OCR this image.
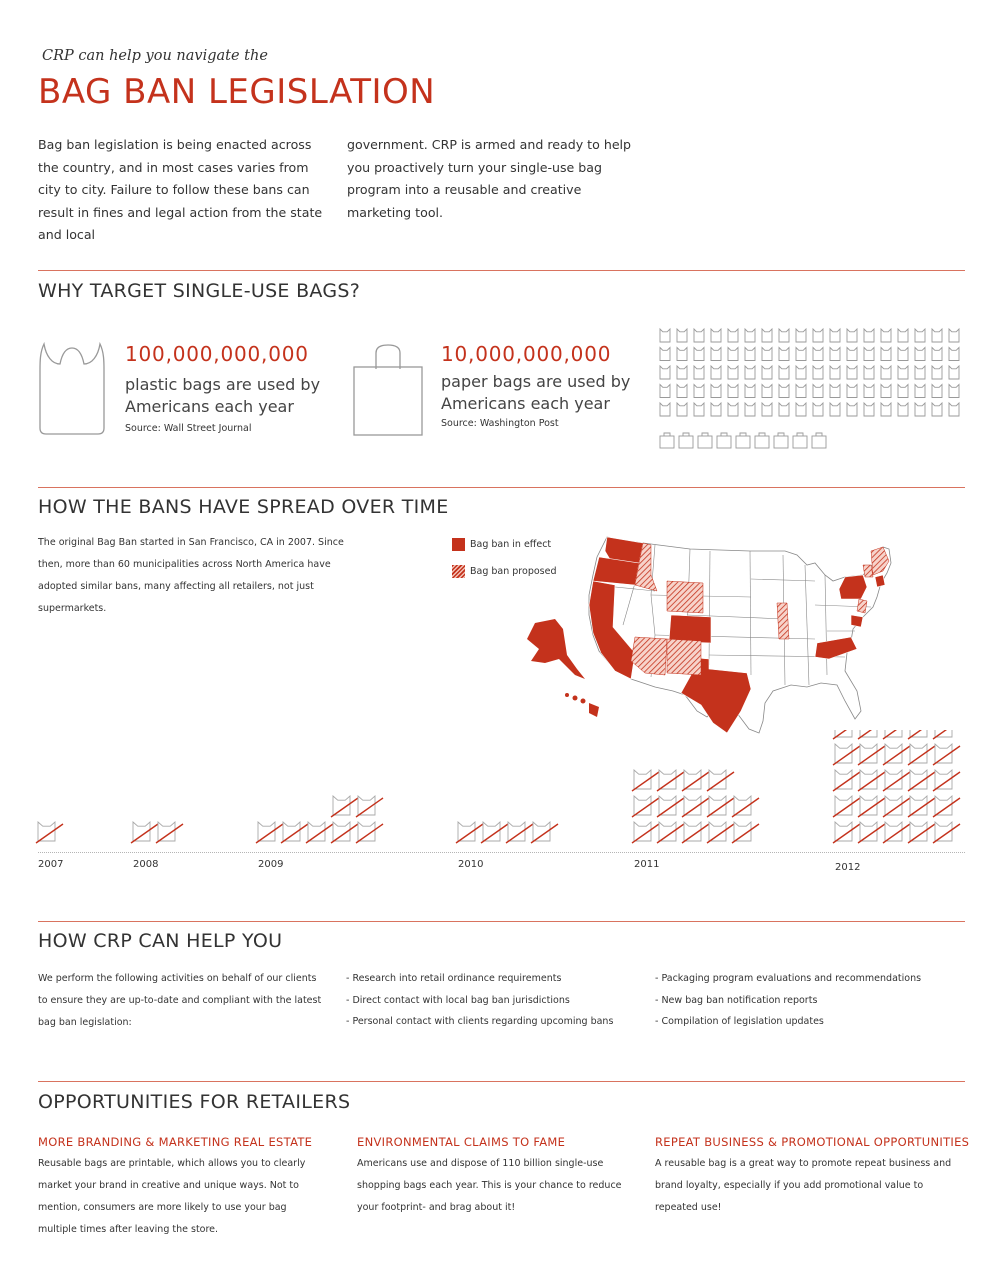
CRP can help you navigate the
BAG BAN LEGISLATION
Bag ban legislation is being enacted across the country, and in most cases varies from city to city. Failure to follow these bans can result in fines and legal action from the state and local
government. CRP is armed and ready to help you proactively turn your single-use bag program into a reusable and creative marketing tool.
WHY TARGET SINGLE-USE BAGS?
100,000,000,000
plastic bags are used by Americans each year
Source: Wall Street Journal
10,000,000,000
paper bags are used by Americans each year
Source: Washington Post
HOW THE BANS HAVE SPREAD OVER TIME
The original Bag Ban started in San Francisco, CA in 2007. Since then, more than 60 municipalities across North America have adopted similar bans, many affecting all retailers, not just supermarkets.
Bag ban in effect
Bag ban proposed
2007	2008	2009	2010	2011	2012
HOW CRP CAN HELP YOU
We perform the following activities on behalf of our clients to ensure they are up-to-date and compliant with the latest bag ban legislation:

- Research into retail ordinance requirements

- Direct contact with local bag ban jurisdictions

- Personal contact with clients regarding upcoming bans

- Packaging program evaluations and recommendations

- New bag ban notification reports

- Compilation of legislation updates

OPPORTUNITIES FOR RETAILERS
MORE BRANDING & MARKETING REAL ESTATE
Reusable bags are printable, which allows you to clearly market your brand in creative and unique ways. Not to mention, consumers are more likely to use your bag multiple times after leaving the store.
ENVIRONMENTAL CLAIMS TO FAME
Americans use and dispose of 110 billion single-use shopping bags each year. This is your chance to reduce your footprint- and brag about it!
REPEAT BUSINESS & PROMOTIONAL OPPORTUNITIES
A reusable bag is a great way to promote repeat business and brand loyalty, especially if you add promotional value to repeated use!
